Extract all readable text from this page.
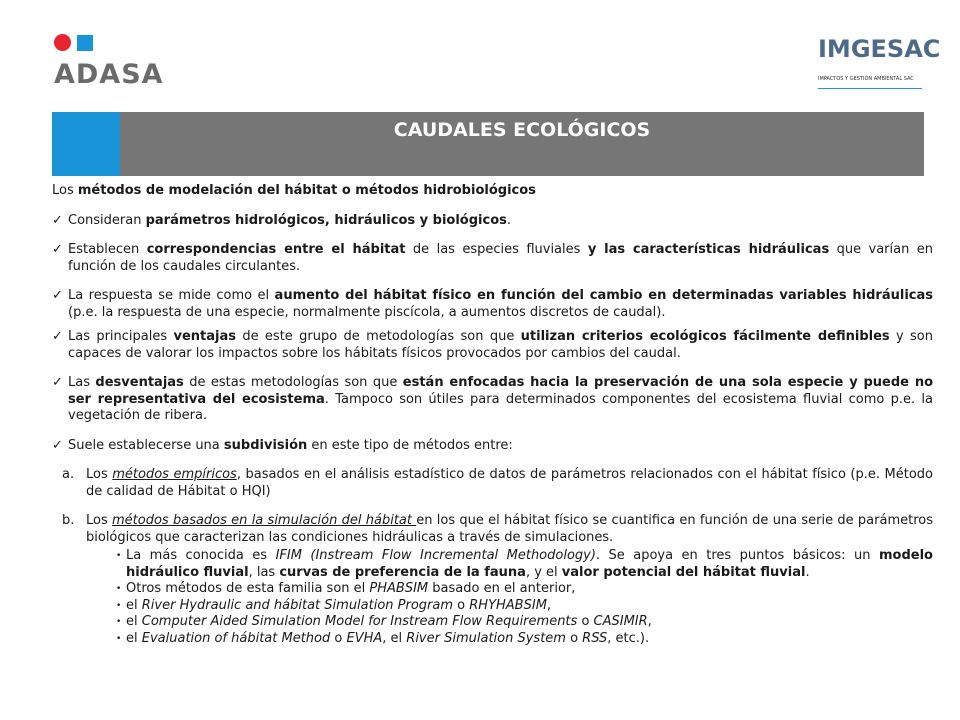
ADASA
IMGESAC
IMPACTOS Y GESTIÓN AMBIENTAL SAC
CAUDALES ECOLÓGICOS

Los métodos de modelación del hábitat o métodos hidrobiológicos

✓ Consideran parámetros hidrológicos, hidráulicos y biológicos.
✓ Establecen correspondencias entre el hábitat de las especies fluviales y las características hidráulicas que varían en función de los caudales circulantes.
✓ La respuesta se mide como el aumento del hábitat físico en función del cambio en determinadas variables hidráulicas (p.e. la respuesta de una especie, normalmente piscícola, a aumentos discretos de caudal).
✓ Las principales ventajas de este grupo de metodologías son que utilizan criterios ecológicos fácilmente definibles y son capaces de valorar los impactos sobre los hábitats físicos provocados por cambios del caudal.
✓ Las desventajas de estas metodologías son que están enfocadas hacia la preservación de una sola especie y puede no ser representativa del ecosistema. Tampoco son útiles para determinados componentes del ecosistema fluvial como p.e. la vegetación de ribera.
✓ Suele establecerse una subdivisión en este tipo de métodos entre:
a. Los métodos empíricos, basados en el análisis estadístico de datos de parámetros relacionados con el hábitat físico (p.e. Método de calidad de Hábitat o HQI)
b. Los métodos basados en la simulación del hábitat en los que el hábitat físico se cuantifica en función de una serie de parámetros biológicos que caracterizan las condiciones hidráulicas a través de simulaciones.
• La más conocida es IFIM (Instream Flow Incremental Methodology). Se apoya en tres puntos básicos: un modelo hidráulico fluvial, las curvas de preferencia de la fauna, y el valor potencial del hábitat fluvial.
• Otros métodos de esta familia son el PHABSIM basado en el anterior,
• el River Hydraulic and hábitat Simulation Program o RHYHABSIM,
• el Computer Aided Simulation Model for Instream Flow Requirements o CASIMIR,
• el Evaluation of hábitat Method o EVHA, el River Simulation System o RSS, etc.).
